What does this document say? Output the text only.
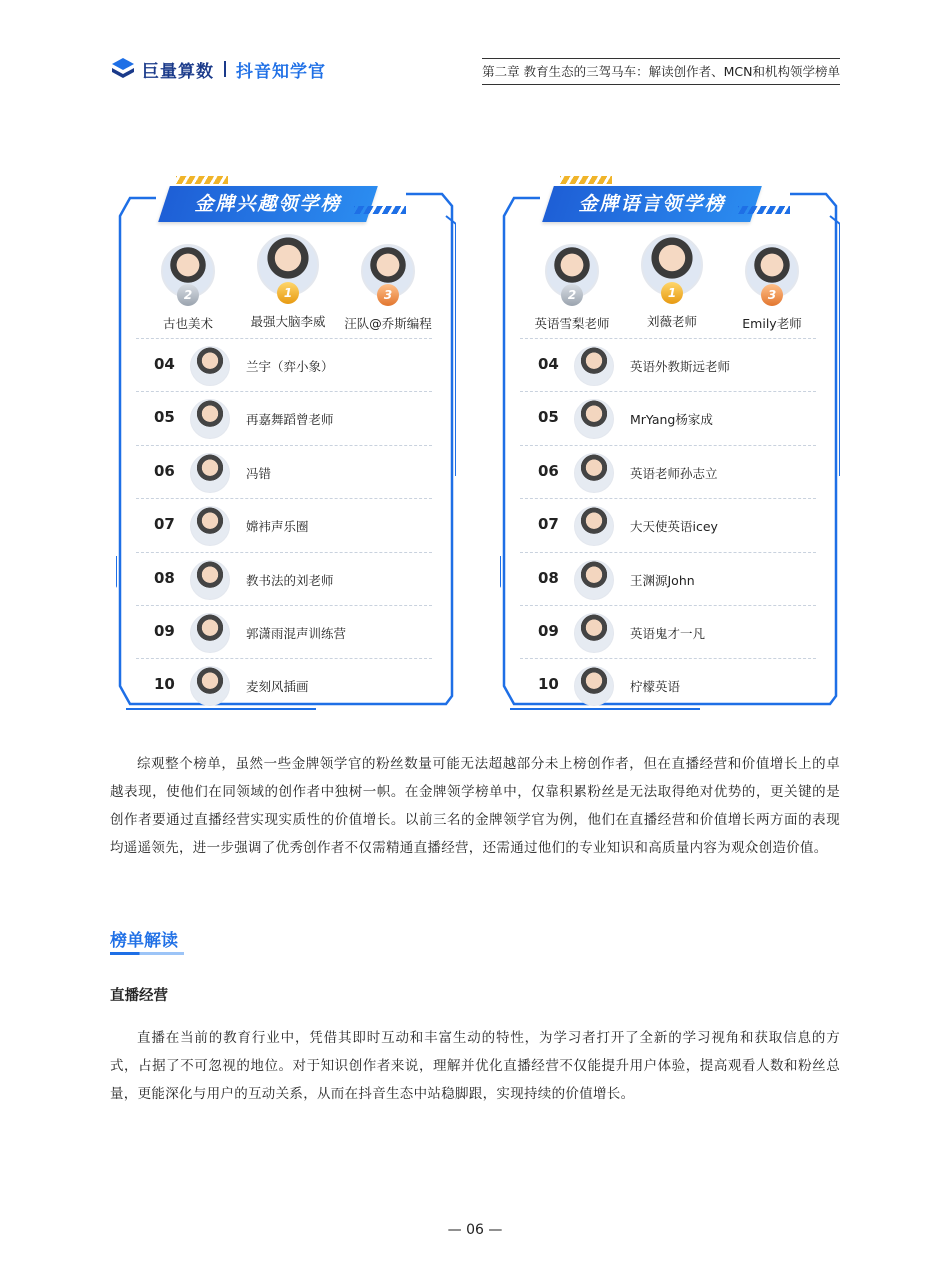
巨量算数 抖音知学官	第二章 教育生态的三驾马车：解读创作者、MCN和机构领学榜单
金牌兴趣领学榜
2
古也美术
1
最强大脑李威
3
汪队@乔斯编程
04	兰宇（弈小象）
05	再嘉舞蹈曾老师
06	冯错
07	嫦袆声乐圈
08	教书法的刘老师
09	郭潇雨混声训练营
10	麦刻风插画
金牌语言领学榜
2
英语雪梨老师
1
刘薇老师
3
Emily老师
04	英语外教斯远老师
05	MrYang杨家成
06	英语老师孙志立
07	大天使英语icey
08	王渊源John
09	英语鬼才一凡
10	柠檬英语
综观整个榜单，虽然一些金牌领学官的粉丝数量可能无法超越部分未上榜创作者，但在直播经营和价值增长上的卓越表现，使他们在同领域的创作者中独树一帜。在金牌领学榜单中，仅靠积累粉丝是无法取得绝对优势的，更关键的是创作者要通过直播经营实现实质性的价值增长。以前三名的金牌领学官为例，他们在直播经营和价值增长两方面的表现均遥遥领先，进一步强调了优秀创作者不仅需精通直播经营，还需通过他们的专业知识和高质量内容为观众创造价值。
榜单解读
直播经营
直播在当前的教育行业中，凭借其即时互动和丰富生动的特性，为学习者打开了全新的学习视角和获取信息的方式，占据了不可忽视的地位。对于知识创作者来说，理解并优化直播经营不仅能提升用户体验，提高观看人数和粉丝总量，更能深化与用户的互动关系，从而在抖音生态中站稳脚跟，实现持续的价值增长。
— 06 —
